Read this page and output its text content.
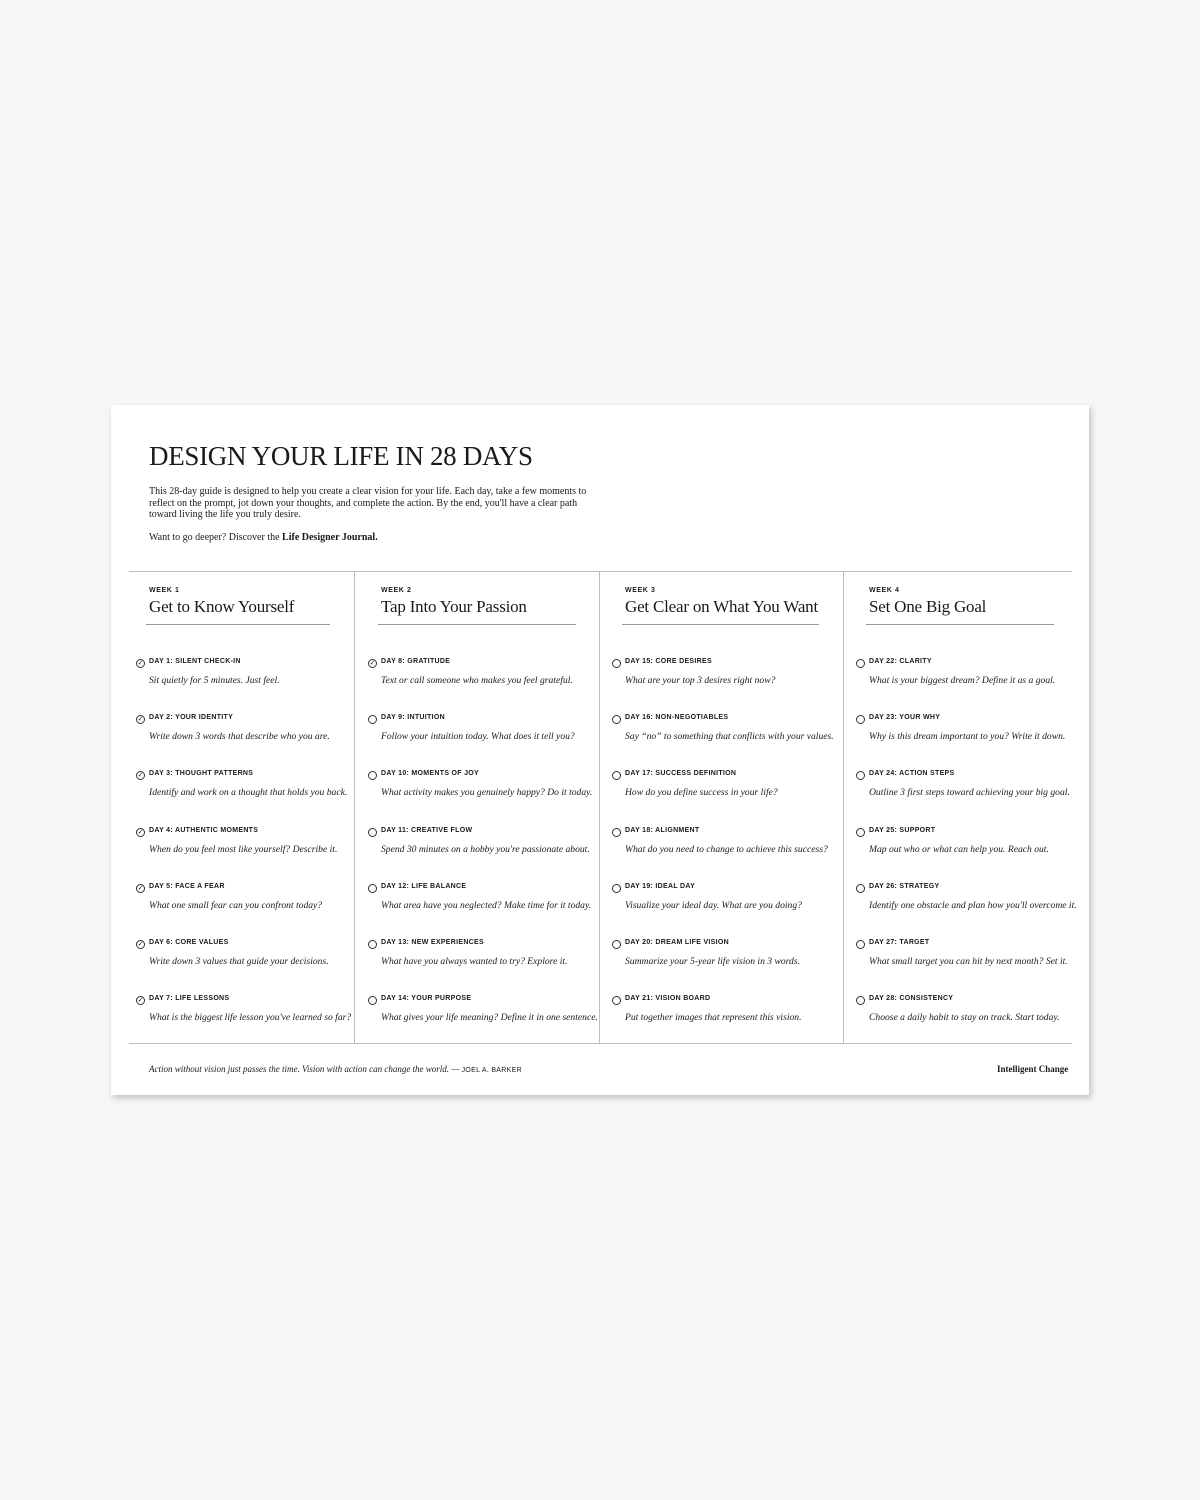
DESIGN YOUR LIFE IN 28 DAYS

This 28-day guide is designed to help you create a clear vision for your life. Each day, take a few moments to reflect on the prompt, jot down your thoughts, and complete the action. By the end, you'll have a clear path toward living the life you truly desire.

Want to go deeper? Discover the Life Designer Journal.

WEEK 1
Get to Know Yourself
✓ DAY 1: SILENT CHECK-IN
Sit quietly for 5 minutes. Just feel.
✓ DAY 2: YOUR IDENTITY
Write down 3 words that describe who you are.
✓ DAY 3: THOUGHT PATTERNS
Identify and work on a thought that holds you back.
✓ DAY 4: AUTHENTIC MOMENTS
When do you feel most like yourself? Describe it.
✓ DAY 5: FACE A FEAR
What one small fear can you confront today?
✓ DAY 6: CORE VALUES
Write down 3 values that guide your decisions.
✓ DAY 7: LIFE LESSONS
What is the biggest life lesson you've learned so far?
WEEK 2
Tap Into Your Passion
✓ DAY 8: GRATITUDE
Text or call someone who makes you feel grateful.
DAY 9: INTUITION
Follow your intuition today. What does it tell you?
DAY 10: MOMENTS OF JOY
What activity makes you genuinely happy? Do it today.
DAY 11: CREATIVE FLOW
Spend 30 minutes on a hobby you're passionate about.
DAY 12: LIFE BALANCE
What area have you neglected? Make time for it today.
DAY 13: NEW EXPERIENCES
What have you always wanted to try? Explore it.
DAY 14: YOUR PURPOSE
What gives your life meaning? Define it in one sentence.
WEEK 3
Get Clear on What You Want
DAY 15: CORE DESIRES
What are your top 3 desires right now?
DAY 16: NON-NEGOTIABLES
Say “no” to something that conflicts with your values.
DAY 17: SUCCESS DEFINITION
How do you define success in your life?
DAY 18: ALIGNMENT
What do you need to change to achieve this success?
DAY 19: IDEAL DAY
Visualize your ideal day. What are you doing?
DAY 20: DREAM LIFE VISION
Summarize your 5-year life vision in 3 words.
DAY 21: VISION BOARD
Put together images that represent this vision.
WEEK 4
Set One Big Goal
DAY 22: CLARITY
What is your biggest dream? Define it as a goal.
DAY 23: YOUR WHY
Why is this dream important to you? Write it down.
DAY 24: ACTION STEPS
Outline 3 first steps toward achieving your big goal.
DAY 25: SUPPORT
Map out who or what can help you. Reach out.
DAY 26: STRATEGY
Identify one obstacle and plan how you'll overcome it.
DAY 27: TARGET
What small target you can hit by next month? Set it.
DAY 28: CONSISTENCY
Choose a daily habit to stay on track. Start today.
Action without vision just passes the time. Vision with action can change the world. — JOEL A. BARKER	Intelligent Change
